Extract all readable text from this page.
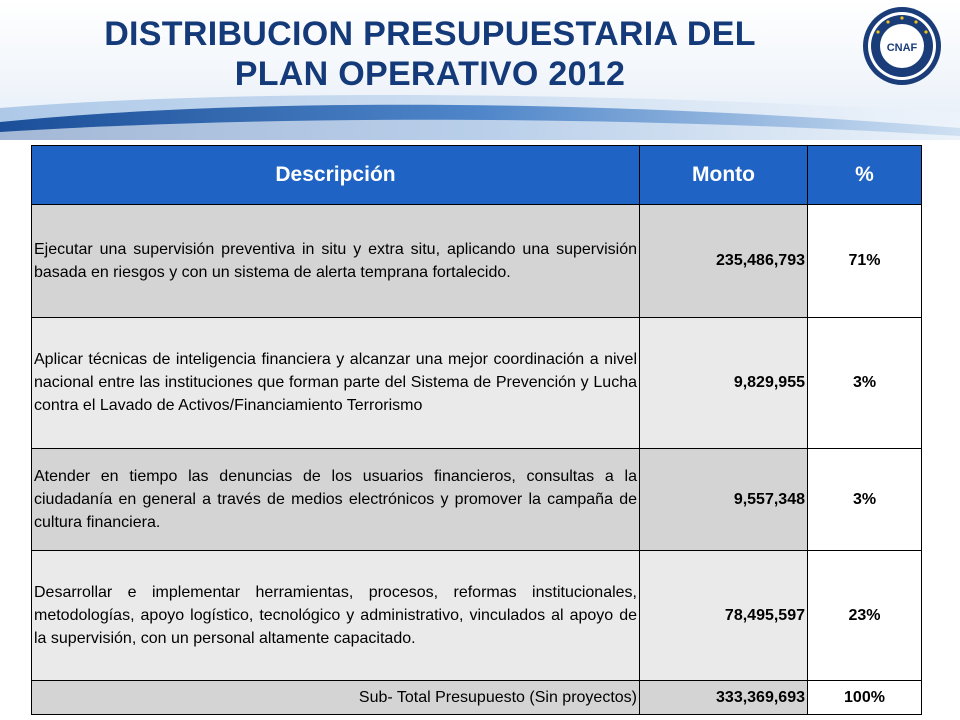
DISTRIBUCION PRESUPUESTARIA DEL
PLAN OPERATIVO 2012
CNAF
Descripción	Monto	%
Ejecutar una supervisión preventiva in situ y extra situ, aplicando una supervisión basada en riesgos y con un sistema de alerta temprana fortalecido.	235,486,793	71%
Aplicar técnicas de inteligencia financiera y alcanzar una mejor coordinación a nivel nacional entre las instituciones que forman parte del Sistema de Prevención y Lucha contra el Lavado de Activos/Financiamiento Terrorismo	9,829,955	3%
Atender en tiempo las denuncias de los usuarios financieros, consultas a la ciudadanía en general a través de medios electrónicos y promover la campaña de cultura financiera.	9,557,348	3%
Desarrollar e implementar herramientas, procesos, reformas institucionales, metodologías, apoyo logístico, tecnológico y administrativo, vinculados al apoyo de la supervisión, con un personal altamente capacitado.	78,495,597	23%
Sub- Total Presupuesto (Sin proyectos)	333,369,693	100%
